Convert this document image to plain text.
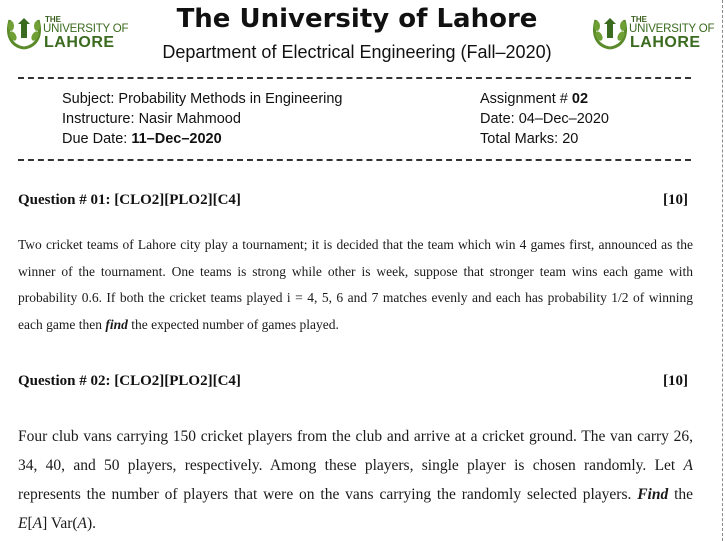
THE
UNIVERSITY OF
LAHORE
THE
UNIVERSITY OF
LAHORE
The University of Lahore
Department of Electrical Engineering (Fall–2020)
Subject: Probability Methods in Engineering
Instructure: Nasir Mahmood
Due Date: 11–Dec–2020
Assignment # 02
Date: 04–Dec–2020
Total Marks: 20
Question # 01: [CLO2][PLO2][C4]	[10]
Two cricket teams of Lahore city play a tournament; it is decided that the team which win 4 games first, announced as the winner of the tournament. One teams is strong while other is week, suppose that stronger team wins each game with probability 0.6. If both the cricket teams played i = 4, 5, 6 and 7 matches evenly and each has probability 1/2 of winning each game then find the expected number of games played.
Question # 02: [CLO2][PLO2][C4]	[10]
Four club vans carrying 150 cricket players from the club and arrive at a cricket ground. The van carry 26, 34, 40, and 50 players, respectively. Among these players, single player is chosen randomly. Let A represents the number of players that were on the vans carrying the randomly selected players. Find the E[A] Var(A).
